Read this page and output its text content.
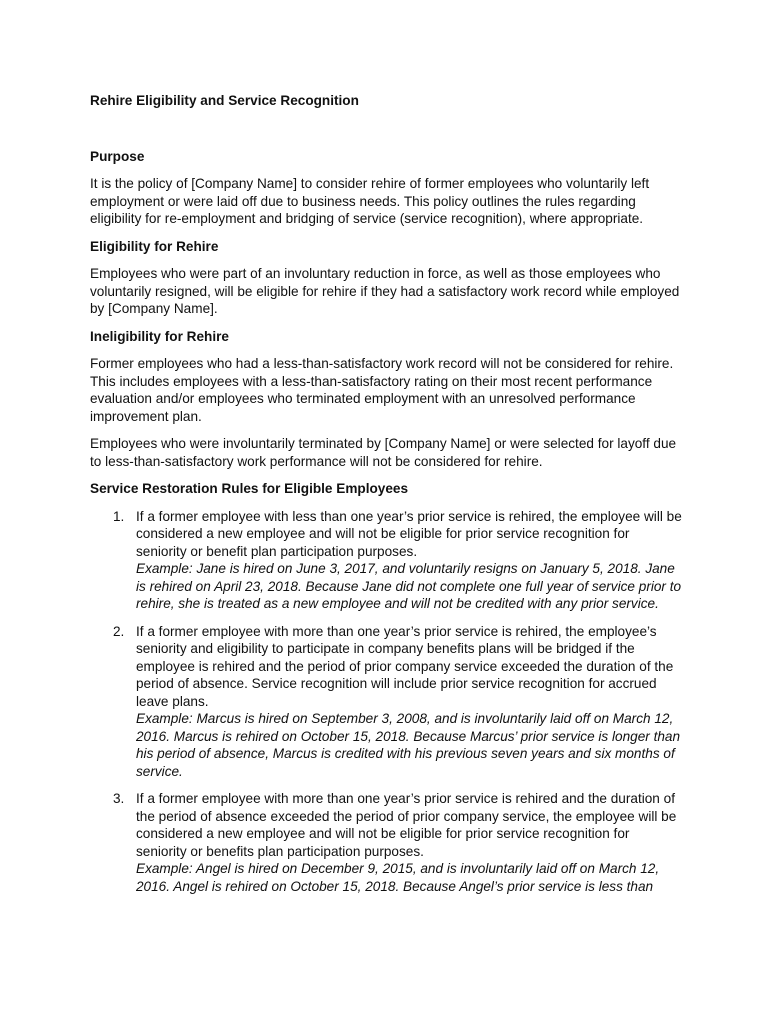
Rehire Eligibility and Service Recognition
Purpose

It is the policy of [Company Name] to consider rehire of former employees who voluntarily left employment or were laid off due to business needs. This policy outlines the rules regarding eligibility for re-employment and bridging of service (service recognition), where appropriate.

Eligibility for Rehire

Employees who were part of an involuntary reduction in force, as well as those employees who voluntarily resigned, will be eligible for rehire if they had a satisfactory work record while employed by [Company Name].

Ineligibility for Rehire

Former employees who had a less-than-satisfactory work record will not be considered for rehire. This includes employees with a less-than-satisfactory rating on their most recent performance evaluation and/or employees who terminated employment with an unresolved performance improvement plan.

Employees who were involuntarily terminated by [Company Name] or were selected for layoff due to less-than-satisfactory work performance will not be considered for rehire.

Service Restoration Rules for Eligible Employees
1. If a former employee with less than one year’s prior service is rehired, the employee will be considered a new employee and will not be eligible for prior service recognition for seniority or benefit plan participation purposes.
Example: Jane is hired on June 3, 2017, and voluntarily resigns on January 5, 2018. Jane is rehired on April 23, 2018. Because Jane did not complete one full year of service prior to rehire, she is treated as a new employee and will not be credited with any prior service.
2. If a former employee with more than one year’s prior service is rehired, the employee’s seniority and eligibility to participate in company benefits plans will be bridged if the employee is rehired and the period of prior company service exceeded the duration of the period of absence. Service recognition will include prior service recognition for accrued leave plans.
Example: Marcus is hired on September 3, 2008, and is involuntarily laid off on March 12, 2016. Marcus is rehired on October 15, 2018. Because Marcus’ prior service is longer than his period of absence, Marcus is credited with his previous seven years and six months of service.
3. If a former employee with more than one year’s prior service is rehired and the duration of the period of absence exceeded the period of prior company service, the employee will be considered a new employee and will not be eligible for prior service recognition for seniority or benefits plan participation purposes.
Example: Angel is hired on December 9, 2015, and is involuntarily laid off on March 12, 2016. Angel is rehired on October 15, 2018. Because Angel’s prior service is less than
